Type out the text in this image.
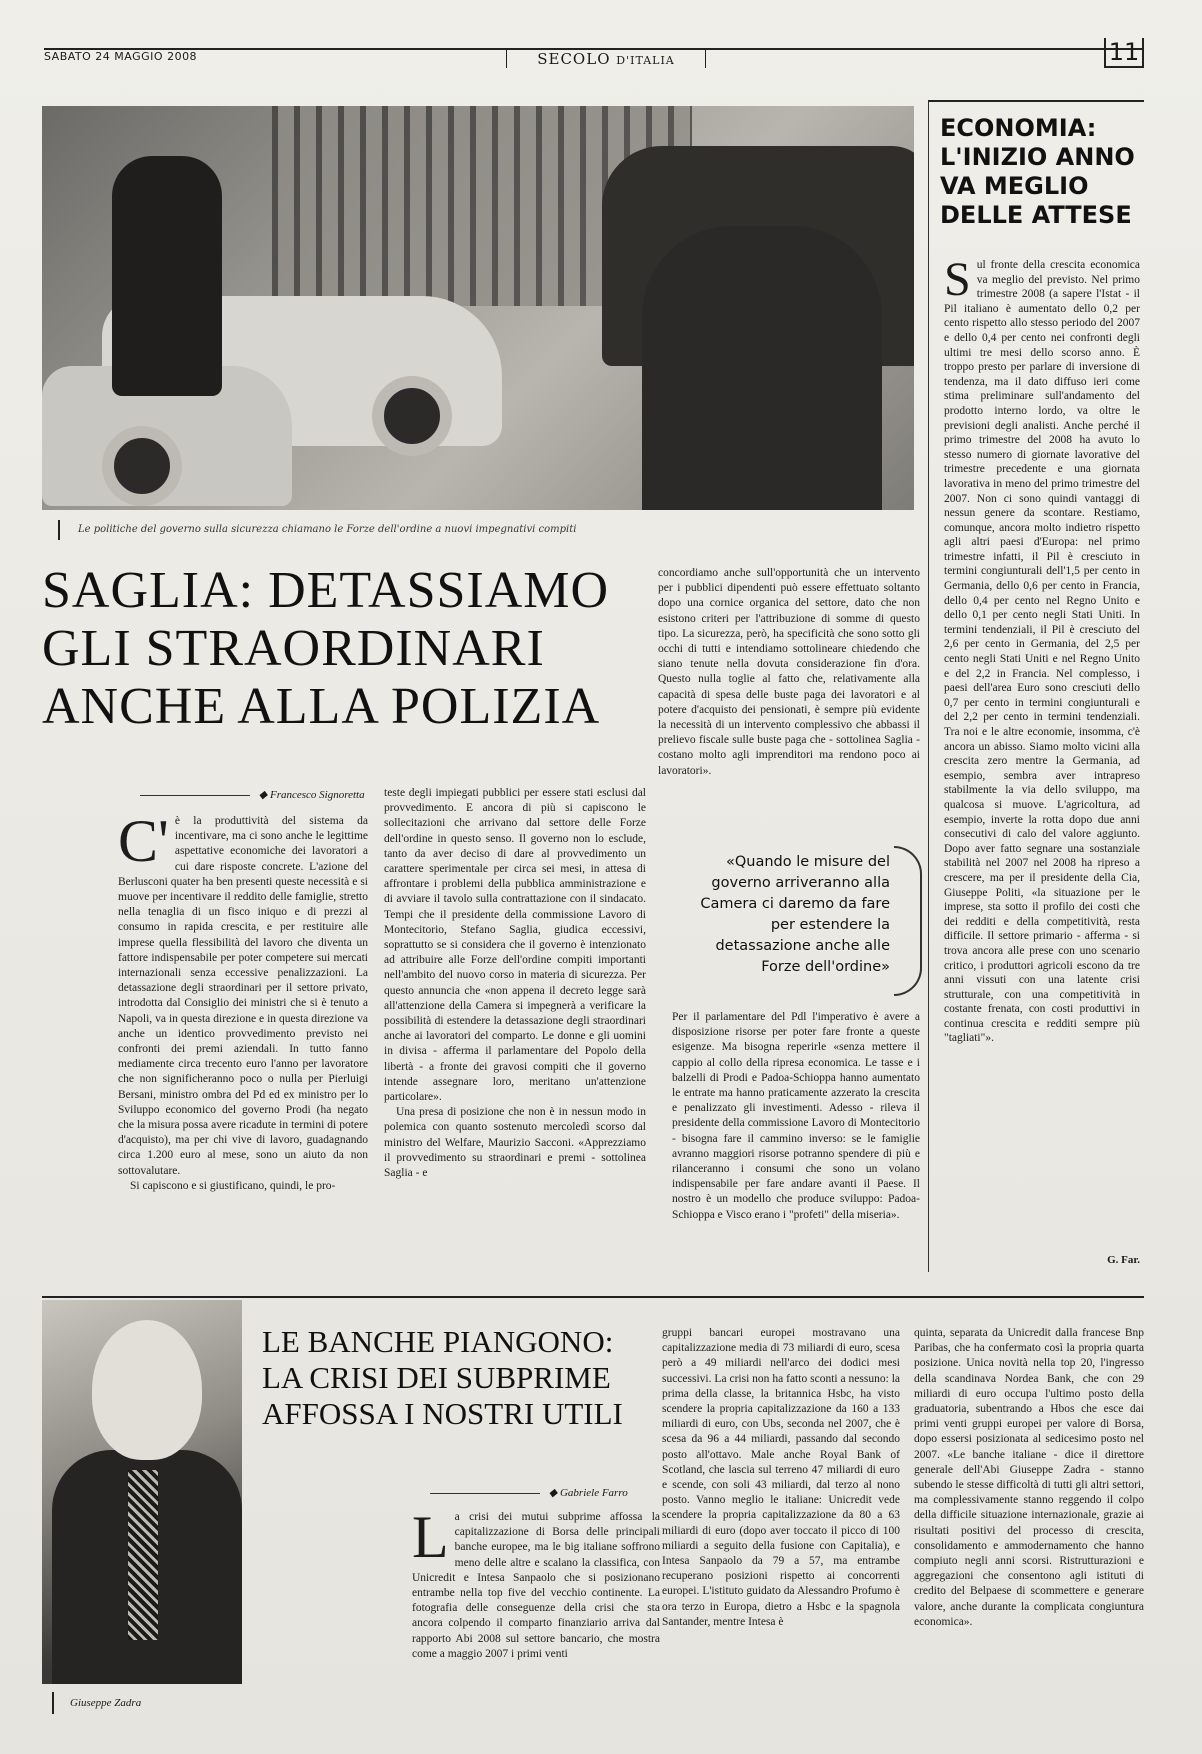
SABATO 24 MAGGIO 2008	SECOLO D'ITALIA	11
Le politiche del governo sulla sicurezza chiamano le Forze dell'ordine a nuovi impegnativi compiti
SAGLIA: DETASSIAMO
GLI STRAORDINARI
ANCHE ALLA POLIZIA
◆ Francesco Signoretta
C' è la produttività del sistema da incentivare, ma ci sono anche le legittime aspettative economiche dei lavoratori a cui dare risposte concrete. L'azione del Berlusconi quater ha ben presenti queste necessità e si muove per incentivare il reddito delle famiglie, stretto nella tenaglia di un fisco iniquo e di prezzi al consumo in rapida crescita, e per restituire alle imprese quella flessibilità del lavoro che diventa un fattore indispensabile per poter competere sui mercati internazionali senza eccessive penalizzazioni. La detassazione degli straordinari per il settore privato, introdotta dal Consiglio dei ministri che si è tenuto a Napoli, va in questa direzione e in questa direzione va anche un identico provvedimento previsto nei confronti dei premi aziendali. In tutto fanno mediamente circa trecento euro l'anno per lavoratore che non significheranno poco o nulla per Pierluigi Bersani, ministro ombra del Pd ed ex ministro per lo Sviluppo economico del governo Prodi (ha negato che la misura possa avere ricadute in termini di potere d'acquisto), ma per chi vive di lavoro, guadagnando circa 1.200 euro al mese, sono un aiuto da non sottovalutare.

Si capiscono e si giustificano, quindi, le pro-

teste degli impiegati pubblici per essere stati esclusi dal provvedimento. E ancora di più si capiscono le sollecitazioni che arrivano dal settore delle Forze dell'ordine in questo senso. Il governo non lo esclude, tanto da aver deciso di dare al provvedimento un carattere sperimentale per circa sei mesi, in attesa di affrontare i problemi della pubblica amministrazione e di avviare il tavolo sulla contrattazione con il sindacato. Tempi che il presidente della commissione Lavoro di Montecitorio, Stefano Saglia, giudica eccessivi, soprattutto se si considera che il governo è intenzionato ad attribuire alle Forze dell'ordine compiti importanti nell'ambito del nuovo corso in materia di sicurezza. Per questo annuncia che «non appena il decreto legge sarà all'attenzione della Camera si impegnerà a verificare la possibilità di estendere la detassazione degli straordinari anche ai lavoratori del comparto. Le donne e gli uomini in divisa - afferma il parlamentare del Popolo della libertà - a fronte dei gravosi compiti che il governo intende assegnare loro, meritano un'attenzione particolare».

Una presa di posizione che non è in nessun modo in polemica con quanto sostenuto mercoledì scorso dal ministro del Welfare, Maurizio Sacconi. «Apprezziamo il provvedimento su straordinari e premi - sottolinea Saglia - e

concordiamo anche sull'opportunità che un intervento per i pubblici dipendenti può essere effettuato soltanto dopo una cornice organica del settore, dato che non esistono criteri per l'attribuzione di somme di questo tipo. La sicurezza, però, ha specificità che sono sotto gli occhi di tutti e intendiamo sottolineare chiedendo che siano tenute nella dovuta considerazione fin d'ora. Questo nulla toglie al fatto che, relativamente alla capacità di spesa delle buste paga dei lavoratori e al potere d'acquisto dei pensionati, è sempre più evidente la necessità di un intervento complessivo che abbassi il prelievo fiscale sulle buste paga che - sottolinea Saglia - costano molto agli imprenditori ma rendono poco ai lavoratori».
«Quando le misure del governo arriveranno alla Camera ci daremo da fare per estendere la detassazione anche alle Forze dell'ordine»
Per il parlamentare del Pdl l'imperativo è avere a disposizione risorse per poter fare fronte a queste esigenze. Ma bisogna reperirle «senza mettere il cappio al collo della ripresa economica. Le tasse e i balzelli di Prodi e Padoa-Schioppa hanno aumentato le entrate ma hanno praticamente azzerato la crescita e penalizzato gli investimenti. Adesso - rileva il presidente della commissione Lavoro di Montecitorio - bisogna fare il cammino inverso: se le famiglie avranno maggiori risorse potranno spendere di più e rilanceranno i consumi che sono un volano indispensabile per fare andare avanti il Paese. Il nostro è un modello che produce sviluppo: Padoa-Schioppa e Visco erano i "profeti" della miseria».
ECONOMIA:
L'INIZIO ANNO
VA MEGLIO
DELLE ATTESE
S ul fronte della crescita economica va meglio del previsto. Nel primo trimestre 2008 (a sapere l'Istat - il Pil italiano è aumentato dello 0,2 per cento rispetto allo stesso periodo del 2007 e dello 0,4 per cento nei confronti degli ultimi tre mesi dello scorso anno. È troppo presto per parlare di inversione di tendenza, ma il dato diffuso ieri come stima preliminare sull'andamento del prodotto interno lordo, va oltre le previsioni degli analisti. Anche perché il primo trimestre del 2008 ha avuto lo stesso numero di giornate lavorative del trimestre precedente e una giornata lavorativa in meno del primo trimestre del 2007. Non ci sono quindi vantaggi di nessun genere da scontare. Restiamo, comunque, ancora molto indietro rispetto agli altri paesi d'Europa: nel primo trimestre infatti, il Pil è cresciuto in termini congiunturali dell'1,5 per cento in Germania, dello 0,6 per cento in Francia, dello 0,4 per cento nel Regno Unito e dello 0,1 per cento negli Stati Uniti. In termini tendenziali, il Pil è cresciuto del 2,6 per cento in Germania, del 2,5 per cento negli Stati Uniti e nel Regno Unito e del 2,2 in Francia. Nel complesso, i paesi dell'area Euro sono cresciuti dello 0,7 per cento in termini congiunturali e del 2,2 per cento in termini tendenziali. Tra noi e le altre economie, insomma, c'è ancora un abisso. Siamo molto vicini alla crescita zero mentre la Germania, ad esempio, sembra aver intrapreso stabilmente la via dello sviluppo, ma qualcosa si muove. L'agricoltura, ad esempio, inverte la rotta dopo due anni consecutivi di calo del valore aggiunto. Dopo aver fatto segnare una sostanziale stabilità nel 2007 nel 2008 ha ripreso a crescere, ma per il presidente della Cia, Giuseppe Politi, «la situazione per le imprese, sta sotto il profilo dei costi che dei redditi e della competitività, resta difficile. Il settore primario - afferma - si trova ancora alle prese con uno scenario critico, i produttori agricoli escono da tre anni vissuti con una latente crisi strutturale, con una competitività in costante frenata, con costi produttivi in continua crescita e redditi sempre più "tagliati"».
G. Far.
Giuseppe Zadra
LE BANCHE PIANGONO:
LA CRISI DEI SUBPRIME
AFFOSSA I NOSTRI UTILI
◆ Gabriele Farro
L a crisi dei mutui subprime affossa la capitalizzazione di Borsa delle principali banche europee, ma le big italiane soffrono meno delle altre e scalano la classifica, con Unicredit e Intesa Sanpaolo che si posizionano entrambe nella top five del vecchio continente. La fotografia delle conseguenze della crisi che sta ancora colpendo il comparto finanziario arriva dal rapporto Abi 2008 sul settore bancario, che mostra come a maggio 2007 i primi venti
gruppi bancari europei mostravano una capitalizzazione media di 73 miliardi di euro, scesa però a 49 miliardi nell'arco dei dodici mesi successivi. La crisi non ha fatto sconti a nessuno: la prima della classe, la britannica Hsbc, ha visto scendere la propria capitalizzazione da 160 a 133 miliardi di euro, con Ubs, seconda nel 2007, che è scesa da 96 a 44 miliardi, passando dal secondo posto all'ottavo. Male anche Royal Bank of Scotland, che lascia sul terreno 47 miliardi di euro e scende, con soli 43 miliardi, dal terzo al nono posto. Vanno meglio le italiane: Unicredit vede scendere la propria capitalizzazione da 80 a 63 miliardi di euro (dopo aver toccato il picco di 100 miliardi a seguito della fusione con Capitalia), e Intesa Sanpaolo da 79 a 57, ma entrambe recuperano posizioni rispetto ai concorrenti europei. L'istituto guidato da Alessandro Profumo è ora terzo in Europa, dietro a Hsbc e la spagnola Santander, mentre Intesa è
quinta, separata da Unicredit dalla francese Bnp Paribas, che ha confermato così la propria quarta posizione. Unica novità nella top 20, l'ingresso della scandinava Nordea Bank, che con 29 miliardi di euro occupa l'ultimo posto della graduatoria, subentrando a Hbos che esce dai primi venti gruppi europei per valore di Borsa, dopo essersi posizionata al sedicesimo posto nel 2007. «Le banche italiane - dice il direttore generale dell'Abi Giuseppe Zadra - stanno subendo le stesse difficoltà di tutti gli altri settori, ma complessivamente stanno reggendo il colpo della difficile situazione internazionale, grazie ai risultati positivi del processo di crescita, consolidamento e ammodernamento che hanno compiuto negli anni scorsi. Ristrutturazioni e aggregazioni che consentono agli istituti di credito del Belpaese di scommettere e generare valore, anche durante la complicata congiuntura economica».
